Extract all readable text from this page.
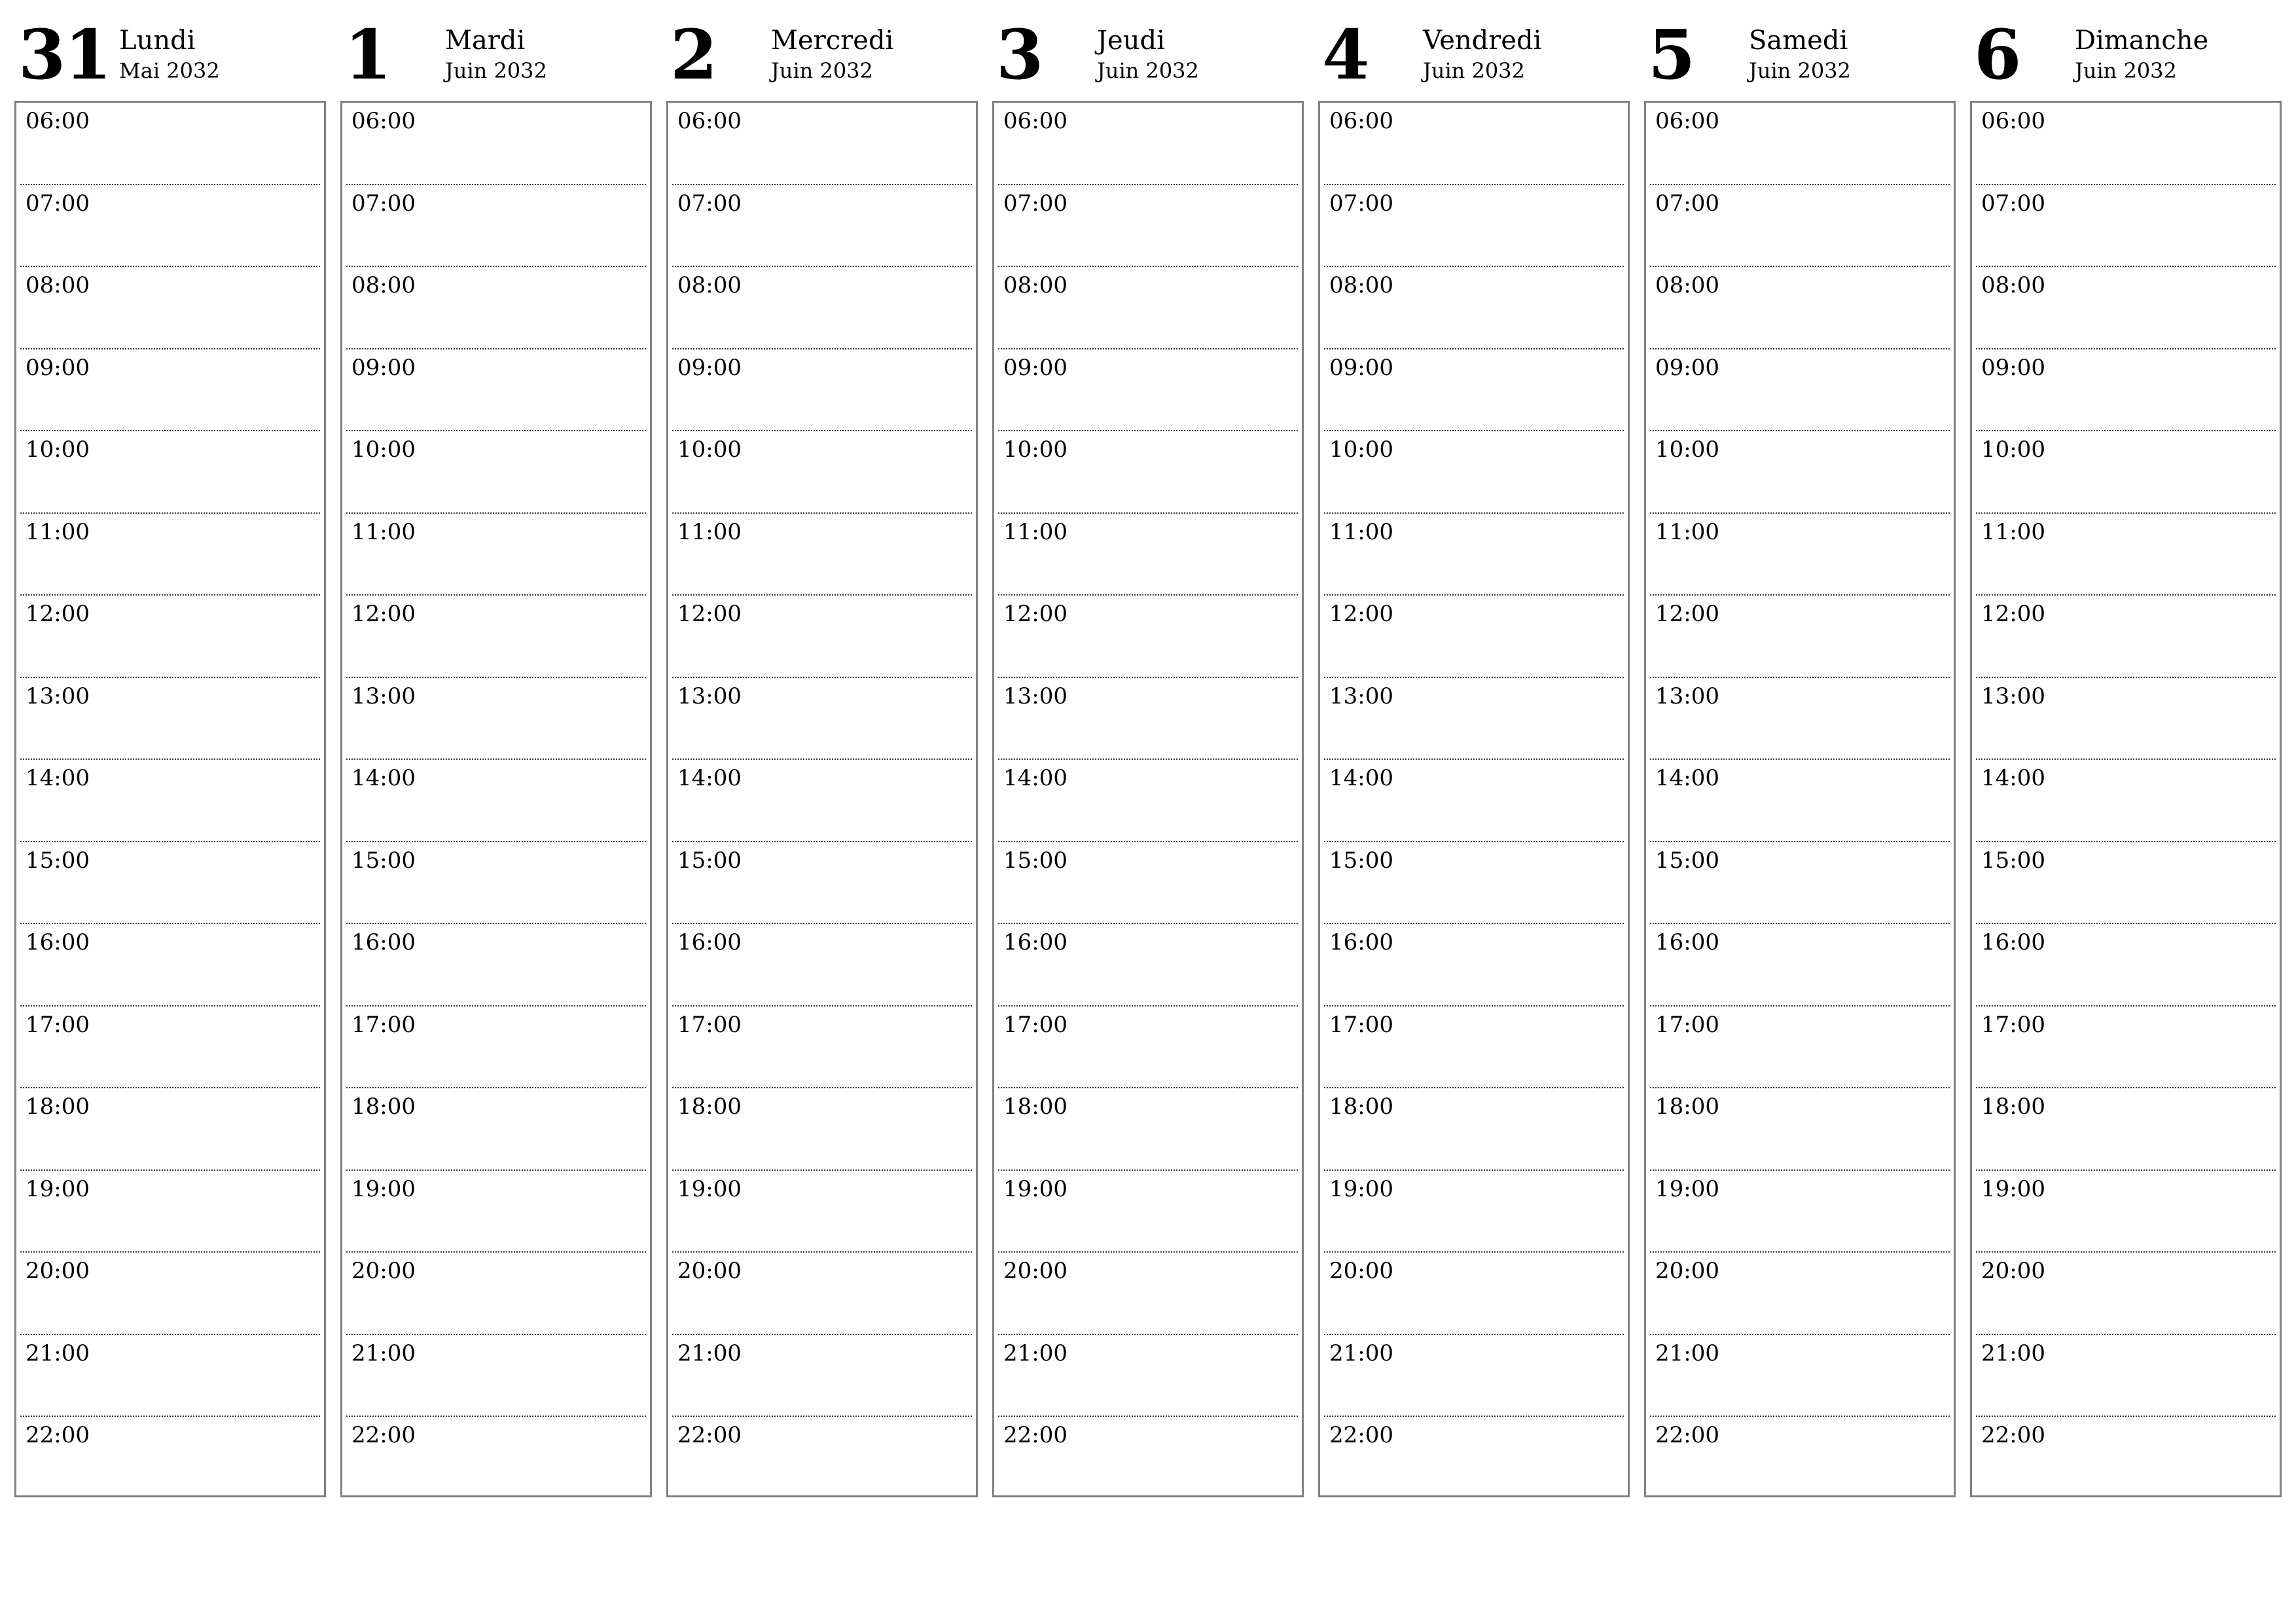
31 Lundi
Mai 2032
06:00
07:00
08:00
09:00
10:00
11:00
12:00
13:00
14:00
15:00
16:00
17:00
18:00
19:00
20:00
21:00
22:00
1 Mardi
Juin 2032
06:00
07:00
08:00
09:00
10:00
11:00
12:00
13:00
14:00
15:00
16:00
17:00
18:00
19:00
20:00
21:00
22:00
2 Mercredi
Juin 2032
06:00
07:00
08:00
09:00
10:00
11:00
12:00
13:00
14:00
15:00
16:00
17:00
18:00
19:00
20:00
21:00
22:00
3 Jeudi
Juin 2032
06:00
07:00
08:00
09:00
10:00
11:00
12:00
13:00
14:00
15:00
16:00
17:00
18:00
19:00
20:00
21:00
22:00
4 Vendredi
Juin 2032
06:00
07:00
08:00
09:00
10:00
11:00
12:00
13:00
14:00
15:00
16:00
17:00
18:00
19:00
20:00
21:00
22:00
5 Samedi
Juin 2032
06:00
07:00
08:00
09:00
10:00
11:00
12:00
13:00
14:00
15:00
16:00
17:00
18:00
19:00
20:00
21:00
22:00
6 Dimanche
Juin 2032
06:00
07:00
08:00
09:00
10:00
11:00
12:00
13:00
14:00
15:00
16:00
17:00
18:00
19:00
20:00
21:00
22:00
